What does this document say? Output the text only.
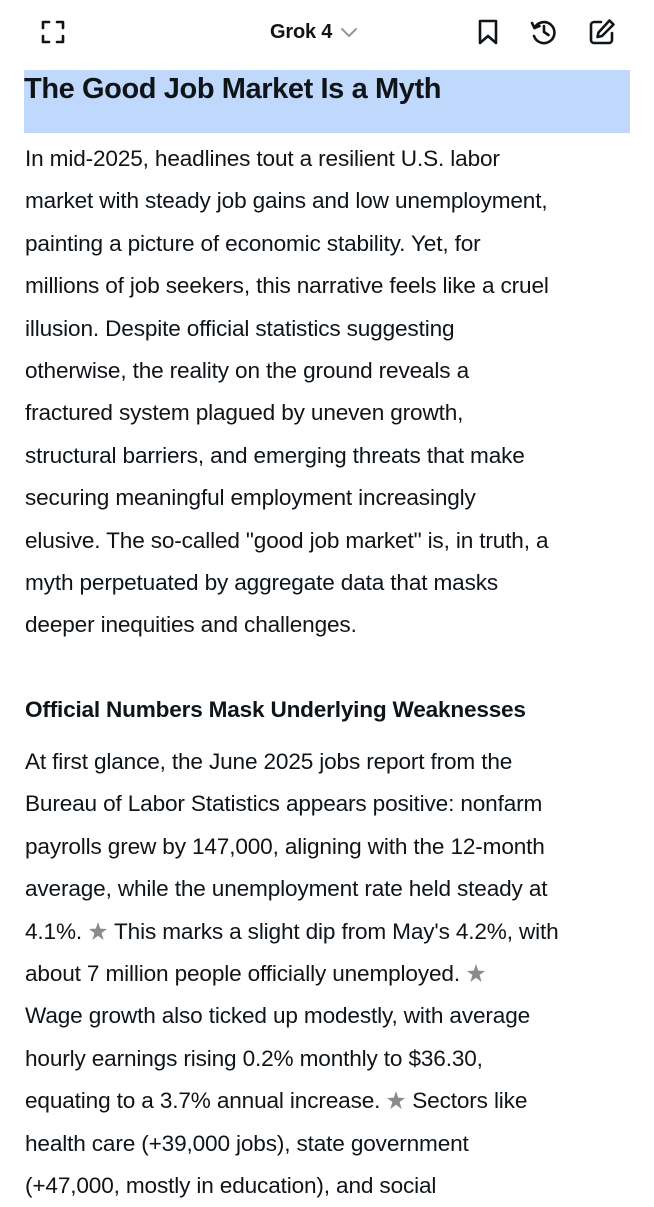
Grok 4
The Good Job Market Is a Myth

In mid-2025, headlines tout a resilient U.S. labor
market with steady job gains and low unemployment,
painting a picture of economic stability. Yet, for
millions of job seekers, this narrative feels like a cruel
illusion. Despite official statistics suggesting
otherwise, the reality on the ground reveals a
fractured system plagued by uneven growth,
structural barriers, and emerging threats that make
securing meaningful employment increasingly
elusive. The so-called "good job market" is, in truth, a
myth perpetuated by aggregate data that masks
deeper inequities and challenges.

Official Numbers Mask Underlying Weaknesses

At first glance, the June 2025 jobs report from the
Bureau of Labor Statistics appears positive: nonfarm
payrolls grew by 147,000, aligning with the 12-month
average, while the unemployment rate held steady at
4.1%. This marks a slight dip from May's 4.2%, with
about 7 million people officially unemployed.
Wage growth also ticked up modestly, with average
hourly earnings rising 0.2% monthly to $36.30,
equating to a 3.7% annual increase. Sectors like
health care (+39,000 jobs), state government
(+47,000, mostly in education), and social
